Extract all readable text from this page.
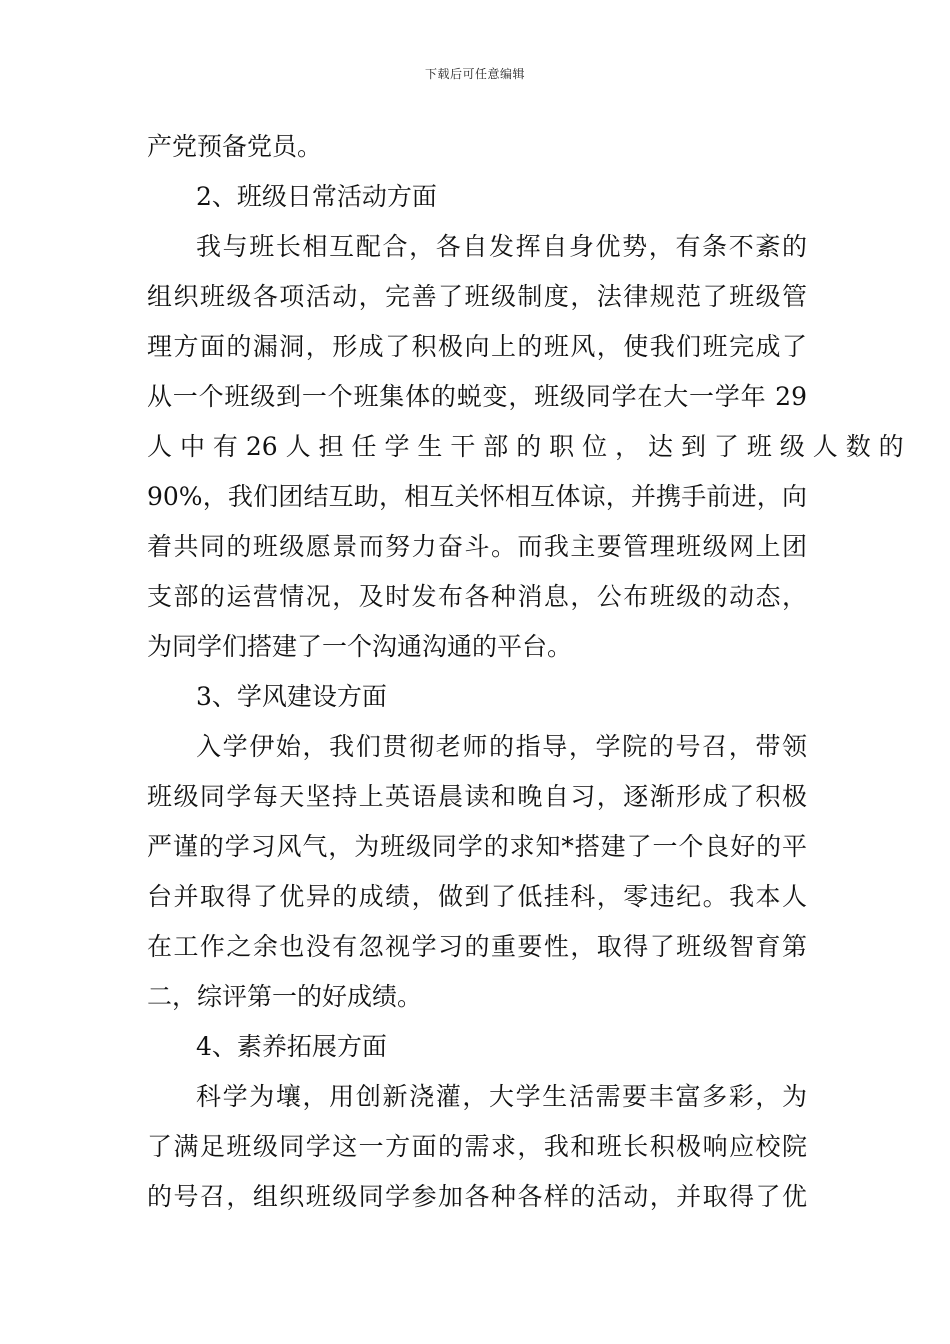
下载后可任意编辑
产党预备党员。
2、班级日常活动方面
我与班长相互配合，各自发挥自身优势，有条不紊的
组织班级各项活动，完善了班级制度，法律规范了班级管
理方面的漏洞，形成了积极向上的班风，使我们班完成了
从一个班级到一个班集体的蜕变，班级同学在大一学年 29
人 中 有 26 人 担 任 学 生 干 部 的 职 位 ， 达 到 了 班 级 人 数 的
90%，我们团结互助，相互关怀相互体谅，并携手前进，向
着共同的班级愿景而努力奋斗。而我主要管理班级网上团
支部的运营情况，及时发布各种消息，公布班级的动态，
为同学们搭建了一个沟通沟通的平台。
3、学风建设方面
入学伊始，我们贯彻老师的指导，学院的号召，带领
班级同学每天坚持上英语晨读和晚自习，逐渐形成了积极
严谨的学习风气，为班级同学的求知*搭建了一个良好的平
台并取得了优异的成绩，做到了低挂科，零违纪。我本人
在工作之余也没有忽视学习的重要性，取得了班级智育第
二，综评第一的好成绩。
4、素养拓展方面
科学为壤，用创新浇灌，大学生活需要丰富多彩，为
了满足班级同学这一方面的需求，我和班长积极响应校院
的号召，组织班级同学参加各种各样的活动，并取得了优
